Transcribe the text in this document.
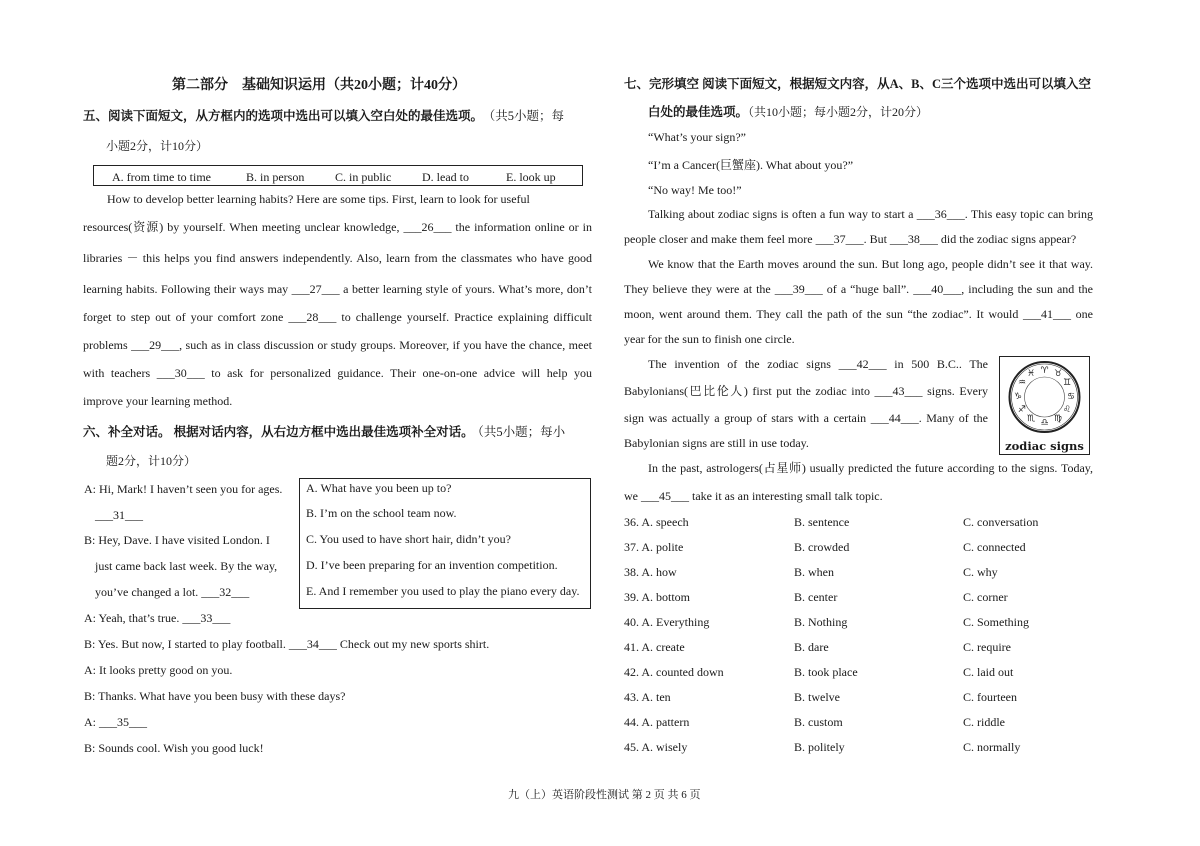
第二部分　基础知识运用（共20小题；计40分）
五、阅读下面短文，从方框内的选项中选出可以填入空白处的最佳选项。 （共5小题；每
小题2分，计10分）
A. from time to time	B. in person	C. in public	D. lead to	E. look up
How to develop better learning habits? Here are some tips. First, learn to look for useful
resources(资源) by yourself. When meeting unclear knowledge, ___26___ the information online or in
libraries － this helps you find answers independently. Also, learn from the classmates who have good
learning habits. Following their ways may ___27___ a better learning style of yours. What’s more, don’t
forget to step out of your comfort zone ___28___ to challenge yourself. Practice explaining difficult
problems ___29___, such as in class discussion or study groups. Moreover, if you have the chance, meet
with teachers ___30___ to ask for personalized guidance. Their one-on-one advice will help you
improve your learning method.
六、补全对话。 根据对话内容，从右边方框中选出最佳选项补全对话。 （共5小题；每小
题2分，计10分）
A: Hi, Mark! I haven’t seen you for ages.
___31___
B: Hey, Dave. I have visited London. I
just came back last week. By the way,
you’ve changed a lot. ___32___
A: Yeah, that’s true. ___33___
B: Yes. But now, I started to play football. ___34___ Check out my new sports shirt.
A: It looks pretty good on you.
B: Thanks. What have you been busy with these days?
A: ___35___
B: Sounds cool. Wish you good luck!
A. What have you been up to?
B. I’m on the school team now.
C. You used to have short hair, didn’t you?
D. I’ve been preparing for an invention competition.
E. And I remember you used to play the piano every day.
七、完形填空 阅读下面短文，根据短文内容，从A、B、C三个选项中选出可以填入空
白处的最佳选项。（共10小题；每小题2分，计20分）
“What’s your sign?”
“I’m a Cancer(巨蟹座). What about you?”
“No way! Me too!”
Talking about zodiac signs is often a fun way to start a ___36___. This easy topic can bring
people closer and make them feel more ___37___. But ___38___ did the zodiac signs appear?
We know that the Earth moves around the sun. But long ago, people didn’t see it that way.
They believe they were at the ___39___ of a “huge ball”. ___40___, including the sun and the
moon, went around them. They call the path of the sun “the zodiac”. It would ___41___ one
year for the sun to finish one circle.
The invention of the zodiac signs ___42___ in 500 B.C.. The
Babylonians(巴比伦人) first put the zodiac into ___43___ signs. Every
sign was actually a group of stars with a certain ___44___. Many of the
Babylonian signs are still in use today.
In the past, astrologers(占星师) usually predicted the future according to the signs. Today,
we ___45___ take it as an interesting small talk topic.
♈ ♉
♊
♋
♌
♍
♎
♏
♐
♑
♒
♓
zodiac signs
36. A. speech	B. sentence	C. conversation
37. A. polite	B. crowded	C. connected
38. A. how	B. when	C. why
39. A. bottom	B. center	C. corner
40. A. Everything	B. Nothing	C. Something
41. A. create	B. dare	C. require
42. A. counted down	B. took place	C. laid out
43. A. ten	B. twelve	C. fourteen
44. A. pattern	B. custom	C. riddle
45. A. wisely	B. politely	C. normally
九（上）英语阶段性测试 第 2 页 共 6 页
